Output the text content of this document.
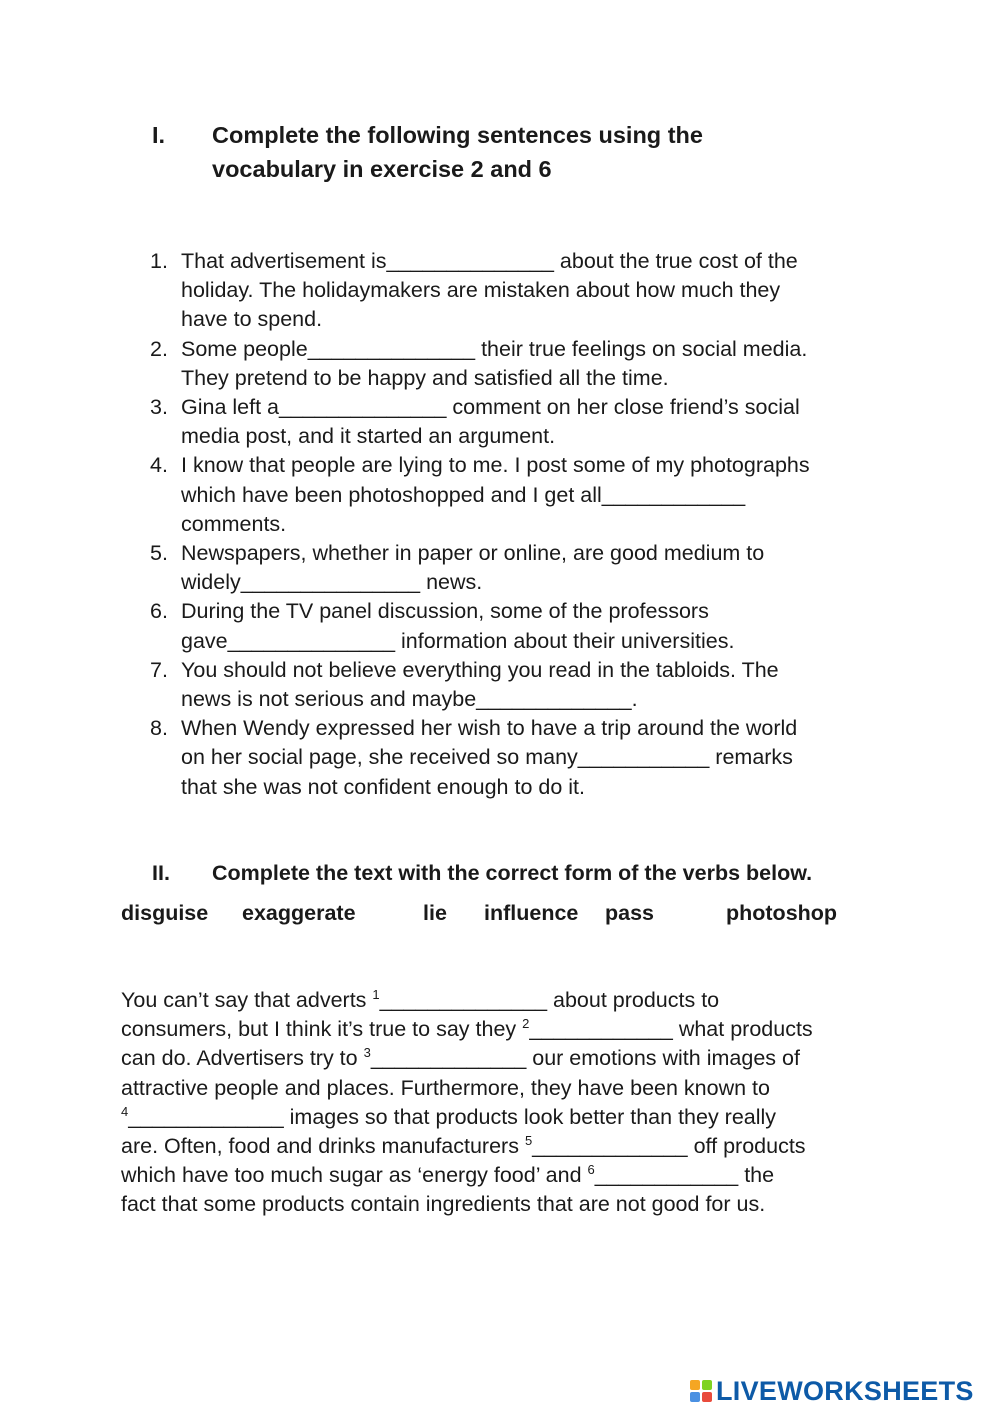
I. Complete the following sentences using the
vocabulary in exercise 2 and 6
1. That advertisement is______________ about the true cost of the
holiday. The holidaymakers are mistaken about how much they
have to spend.
2. Some people______________ their true feelings on social media.
They pretend to be happy and satisfied all the time.
3. Gina left a______________ comment on her close friend’s social
media post, and it started an argument.
4. I know that people are lying to me. I post some of my photographs
which have been photoshopped and I get all____________
comments.
5. Newspapers, whether in paper or online, are good medium to
widely_______________ news.
6. During the TV panel discussion, some of the professors
gave______________ information about their universities.
7. You should not believe everything you read in the tabloids. The
news is not serious and maybe_____________.
8. When Wendy expressed her wish to have a trip around the world
on her social page, she received so many___________ remarks
that she was not confident enough to do it.
II. Complete the text with the correct form of the verbs below.
disguise exaggerate	lie influence pass	photoshop
You can’t say that adverts $^1$______________ about products to
consumers, but I think it’s true to say they $^2$____________ what products
can do. Advertisers try to $^3$_____________ our emotions with images of
attractive people and places. Furthermore, they have been known to
$^4$_____________ images so that products look better than they really
are. Often, food and drinks manufacturers $^5$_____________ off products
which have too much sugar as ‘energy food’ and $^6$____________ the
fact that some products contain ingredients that are not good for us.
LIVEWORKSHEETS
